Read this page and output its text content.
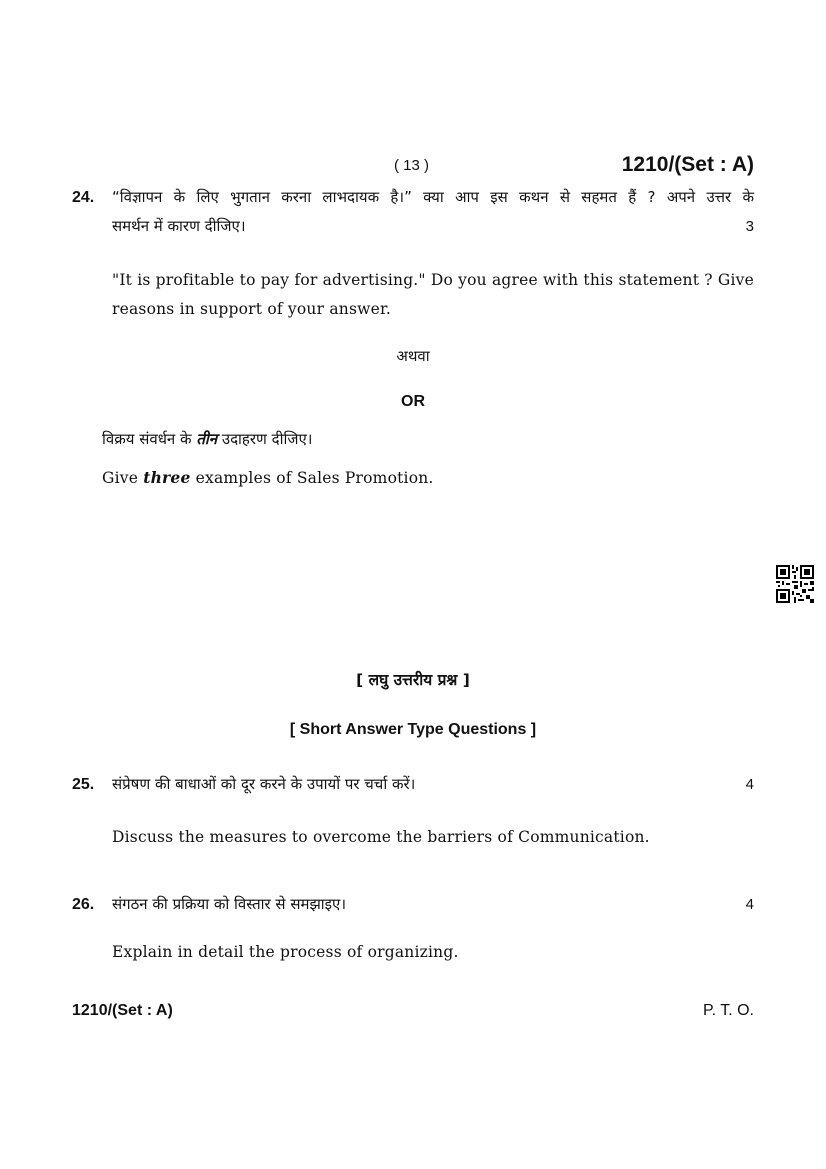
( 13 )	1210/(Set : A)
24. “विज्ञापन के लिए भुगतान करना लाभदायक है।” क्या आप इस कथन से सहमत हैं ? अपने उत्तर के
समर्थन में कारण दीजिए।	3
"It is profitable to pay for advertising." Do you agree with this statement ? Give
reasons in support of your answer.
अथवा
OR
विक्रय संवर्धन के तीन उदाहरण दीजिए।
Give three examples of Sales Promotion.
[ लघु उत्तरीय प्रश्न ]
[ Short Answer Type Questions ]
25. संप्रेषण की बाधाओं को दूर करने के उपायों पर चर्चा करें।	4
Discuss the measures to overcome the barriers of Communication.
26. संगठन की प्रक्रिया को विस्तार से समझाइए।	4
Explain in detail the process of organizing.
1210/(Set : A)	P. T. O.
